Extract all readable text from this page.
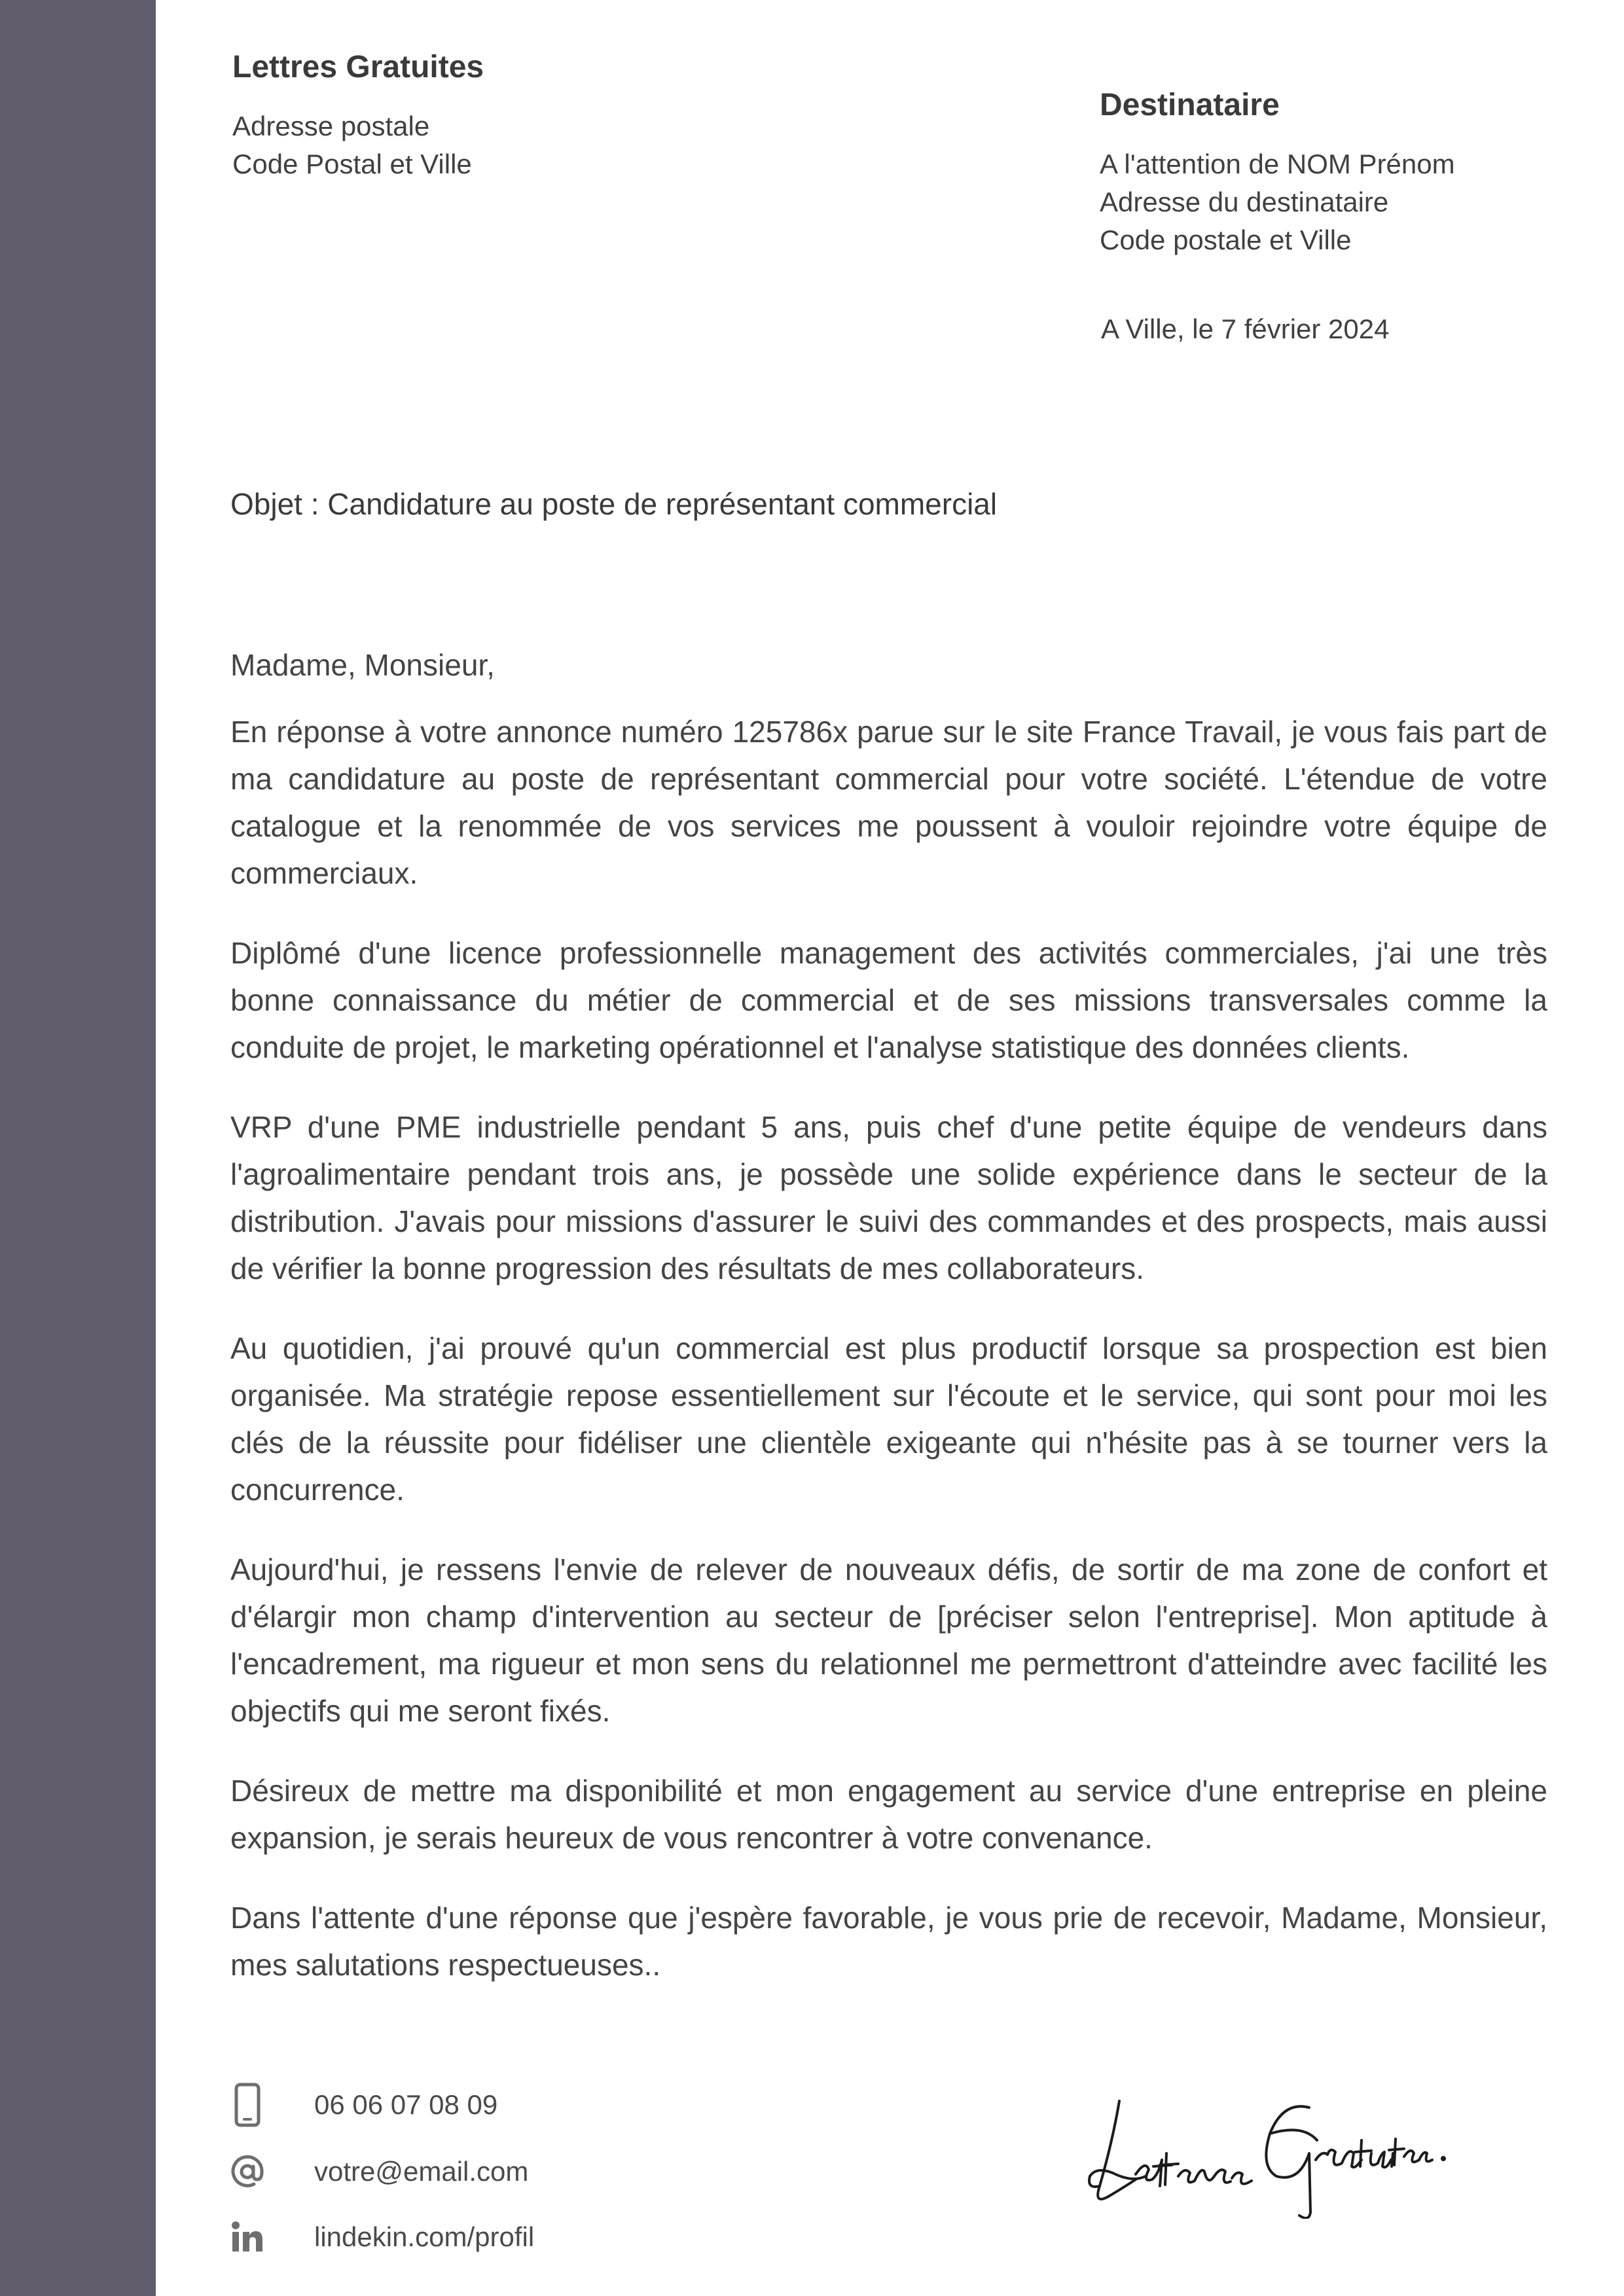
Lettres Gratuites
Adresse postale
Code Postal et Ville
Destinataire
A l'attention de NOM Prénom
Adresse du destinataire
Code postale et Ville
A Ville, le 7 février 2024
Objet : Candidature au poste de représentant commercial

Madame, Monsieur,

En réponse à votre annonce numéro 125786x parue sur le site France Travail, je vous fais part de ma candidature au poste de représentant commercial pour votre société. L'étendue de votre catalogue et la renommée de vos services me poussent à vouloir rejoindre votre équipe de commerciaux.

Diplômé d'une licence professionnelle management des activités commerciales, j'ai une très bonne connaissance du métier de commercial et de ses missions transversales comme la conduite de projet, le marketing opérationnel et l'analyse statistique des données clients.

VRP d'une PME industrielle pendant 5 ans, puis chef d'une petite équipe de vendeurs dans l'agroalimentaire pendant trois ans, je possède une solide expérience dans le secteur de la distribution. J'avais pour missions d'assurer le suivi des commandes et des prospects, mais aussi de vérifier la bonne progression des résultats de mes collaborateurs.

Au quotidien, j'ai prouvé qu'un commercial est plus productif lorsque sa prospection est bien organisée. Ma stratégie repose essentiellement sur l'écoute et le service, qui sont pour moi les clés de la réussite pour fidéliser une clientèle exigeante qui n'hésite pas à se tourner vers la concurrence.

Aujourd'hui, je ressens l'envie de relever de nouveaux défis, de sortir de ma zone de confort et d'élargir mon champ d'intervention au secteur de [préciser selon l'entreprise]. Mon aptitude à l'encadrement, ma rigueur et mon sens du relationnel me permettront d'atteindre avec facilité les objectifs qui me seront fixés.

Désireux de mettre ma disponibilité et mon engagement au service d'une entreprise en pleine expansion, je serais heureux de vous rencontrer à votre convenance.

Dans l'attente d'une réponse que j'espère favorable, je vous prie de recevoir, Madame, Monsieur, mes salutations respectueuses..

06 06 07 08 09
votre@email.com
lindekin.com/profil
